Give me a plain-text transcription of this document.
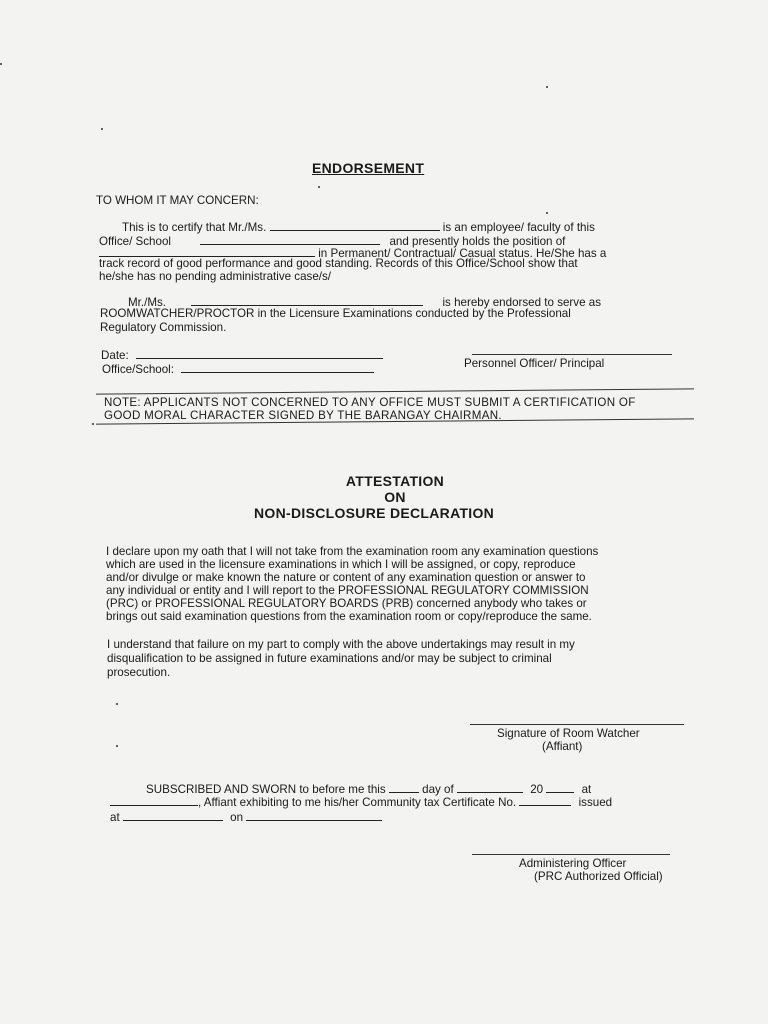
ENDORSEMENT
TO WHOM IT MAY CONCERN:
This is to certify that Mr./Ms.	is an employee/ faculty of this
Office/ School	and presently holds the position of
in Permanent/ Contractual/ Casual status. He/She has a
track record of good performance and good standing. Records of this Office/School show that
he/she has no pending administrative case/s/
Mr./Ms.	is hereby endorsed to serve as
ROOMWATCHER/PROCTOR in the Licensure Examinations conducted by the Professional
Regulatory Commission.
Date:
Office/School:	Personnel Officer/ Principal
NOTE: APPLICANTS NOT CONCERNED TO ANY OFFICE MUST SUBMIT A CERTIFICATION OF
GOOD MORAL CHARACTER SIGNED BY THE BARANGAY CHAIRMAN.
ATTESTATION
ON
NON-DISCLOSURE DECLARATION
I declare upon my oath that I will not take from the examination room any examination questions
which are used in the licensure examinations in which I will be assigned, or copy, reproduce
and/or divulge or make known the nature or content of any examination question or answer to
any individual or entity and I will report to the PROFESSIONAL REGULATORY COMMISSION
(PRC) or PROFESSIONAL REGULATORY BOARDS (PRB) concerned anybody who takes or
brings out said examination questions from the examination room or copy/reproduce the same.
I understand that failure on my part to comply with the above undertakings may result in my
disqualification to be assigned in future examinations and/or may be subject to criminal
prosecution.
Signature of Room Watcher
(Affiant)
SUBSCRIBED AND SWORN to before me this	day of	20	at
, Affiant exhibiting to me his/her Community tax Certificate No.	issued
at	on
Administering Officer
(PRC Authorized Official)
